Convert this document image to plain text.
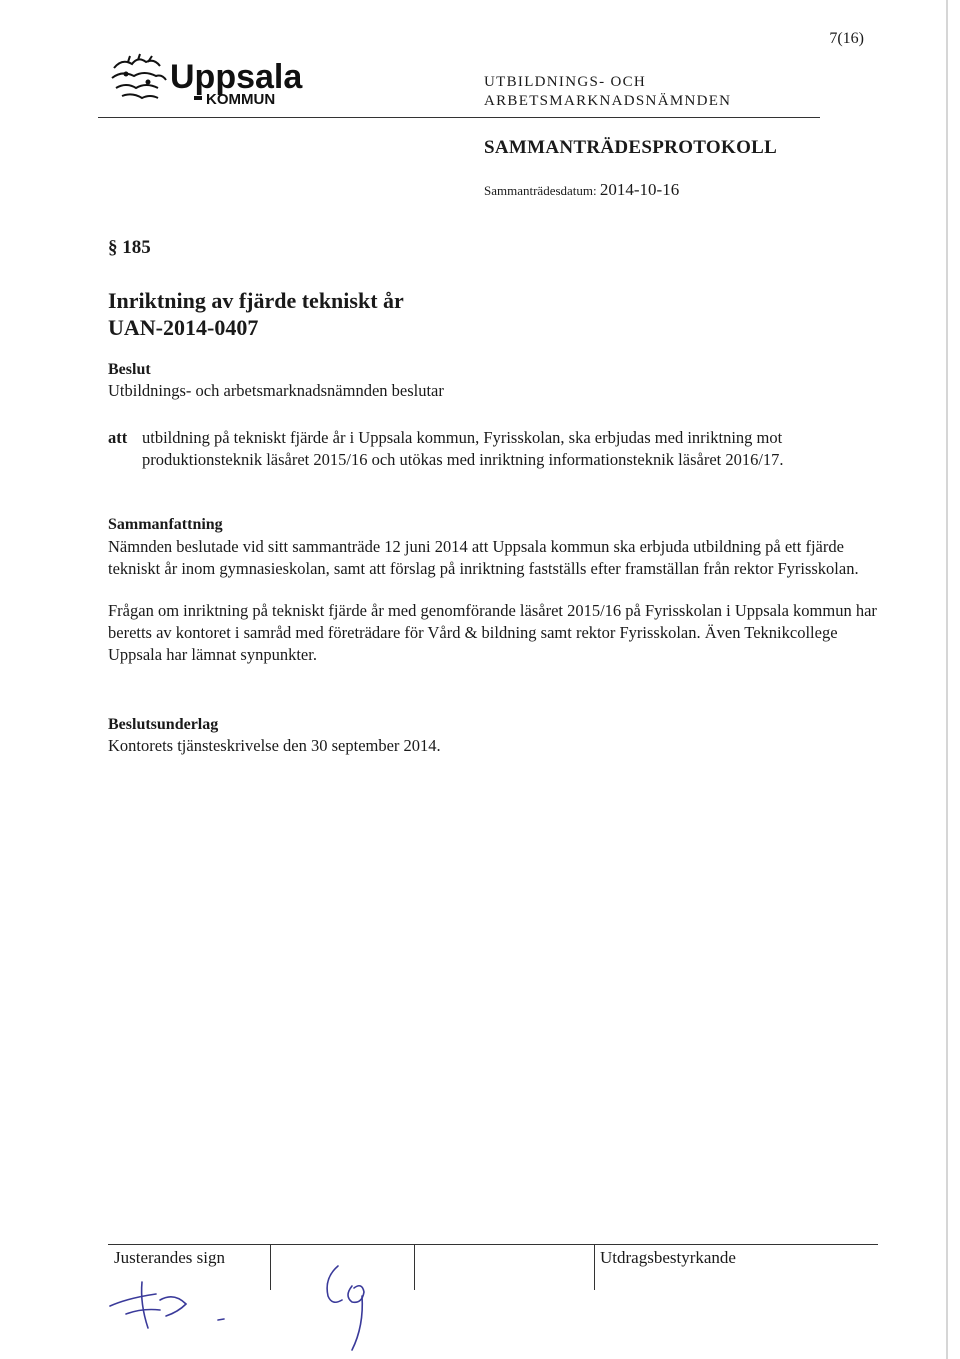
7(16)
Uppsala
KOMMUN
UTBILDNINGS- OCH
ARBETSMARKNADSNÄMNDEN
SAMMANTRÄDESPROTOKOLL
Sammanträdesdatum: 2014-10-16
§ 185
Inriktning av fjärde tekniskt år
UAN-2014-0407
Beslut
Utbildnings- och arbetsmarknadsnämnden beslutar
att utbildning på tekniskt fjärde år i Uppsala kommun, Fyrisskolan, ska erbjudas med inriktning mot produktionsteknik läsåret 2015/16 och utökas med inriktning informationsteknik läsåret 2016/17.
Sammanfattning
Nämnden beslutade vid sitt sammanträde 12 juni 2014 att Uppsala kommun ska erbjuda utbildning på ett fjärde tekniskt år inom gymnasieskolan, samt att förslag på inriktning fastställs efter framställan från rektor Fyrisskolan.
Frågan om inriktning på tekniskt fjärde år med genomförande läsåret 2015/16 på Fyrisskolan i Uppsala kommun har beretts av kontoret i samråd med företrädare för Vård & bildning samt rektor Fyrisskolan. Även Teknikcollege Uppsala har lämnat synpunkter.
Beslutsunderlag
Kontorets tjänsteskrivelse den 30 september 2014.
Justerandes sign	Utdragsbestyrkande
